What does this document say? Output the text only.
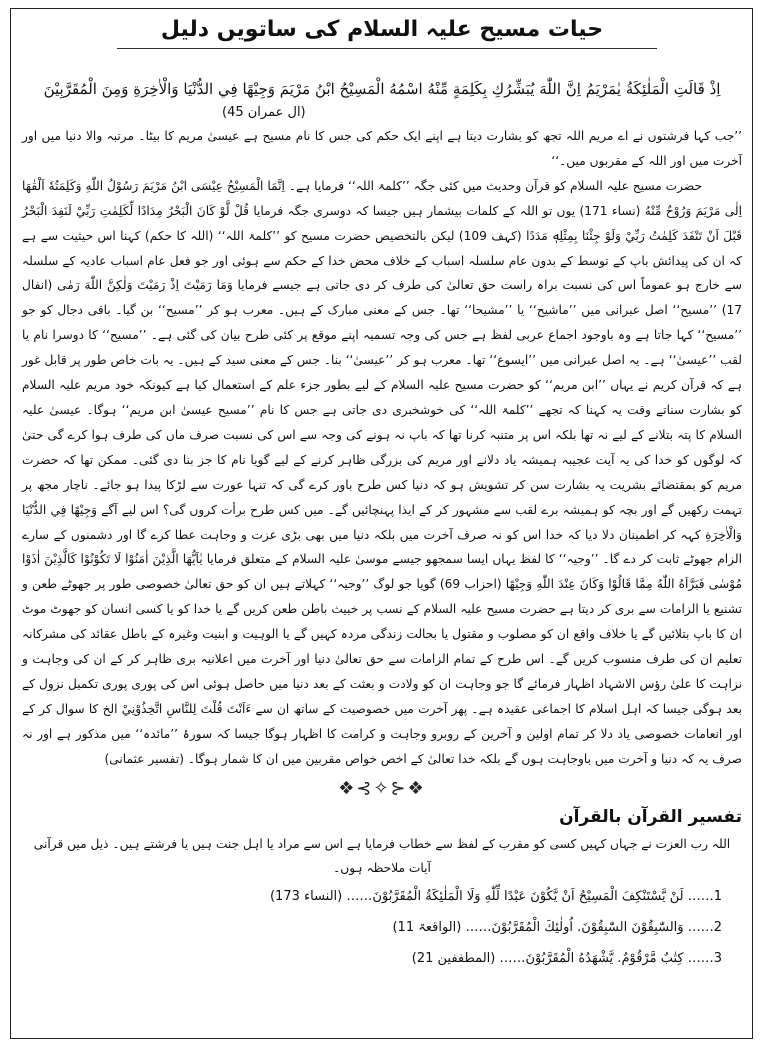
حیات مسیح علیہ السلام کی ساتویں دلیل

اِذْ قَالَتِ الْمَلٰئِكَةُ يٰمَرْيَمُ اِنَّ اللّٰهَ يُبَشِّرُكِ بِكَلِمَةٍ مِّنْهُ اسْمُهُ الْمَسِيْحُ ابْنُ مَرْيَمَ وَجِيْهًا فِي الدُّنْيَا وَالْاٰخِرَةِ وَمِنَ الْمُقَرَّبِيْنَ

(ال عمران 45)

’’جب کہا فرشتوں نے اے مریم اللہ تجھ کو بشارت دیتا ہے اپنے ایک حکم کی جس کا نام مسیح ہے عیسیٰ مریم کا بیٹا۔ مرتبہ والا دنیا میں اور آخرت میں اور اللہ کے مقربوں میں۔‘‘

حضرت مسیح علیہ السلام کو قرآن وحدیث میں کئی جگہ ’’کلمۃ اللہ‘‘ فرمایا ہے۔ اِنَّمَا الْمَسِيْحُ عِيْسَى ابْنُ مَرْيَمَ رَسُوْلُ اللّٰهِ وَكَلِمَتُهٗ اَلْقٰهَا اِلٰى مَرْيَمَ وَرُوْحٌ مِّنْهُ (نساء 171) یوں تو اللہ کے کلمات بیشمار ہیں جیسا کہ دوسری جگہ فرمایا قُلْ لَّوْ كَانَ الْبَحْرُ مِدَادًا لِّكَلِمٰتِ رَبِّيْ لَنَفِدَ الْبَحْرُ قَبْلَ اَنْ تَنْفَدَ كَلِمٰتُ رَبِّيْ وَلَوْ جِئْنَا بِمِثْلِهٖ مَدَدًا (کہف 109) لیکن بالتخصیص حضرت مسیح کو ’’کلمۃ اللہ‘‘ (اللہ کا حکم) کہنا اس حیثیت سے ہے کہ ان کی پیدائش باپ کے توسط کے بدون عام سلسلہ اسباب کے خلاف محض خدا کے حکم سے ہوئی اور جو فعل عام اسباب عادیہ کے سلسلہ سے خارج ہو عموماً اس کی نسبت براہ راست حق تعالیٰ کی طرف کر دی جاتی ہے جیسے فرمایا وَمَا رَمَيْتَ اِذْ رَمَيْتَ وَلٰكِنَّ اللّٰهَ رَمٰى (انفال 17) ’’مسیح‘‘ اصل عبرانی میں ’’ماشیح‘‘ یا ’’مشیحا‘‘ تھا۔ جس کے معنی مبارک کے ہیں۔ معرب ہو کر ’’مسیح‘‘ بن گیا۔ باقی دجال کو جو ’’مسیح‘‘ کہا جاتا ہے وہ باوجود اجماع عربی لفظ ہے جس کی وجہ تسمیہ اپنے موقع پر کئی طرح بیان کی گئی ہے۔ ’’مسیح‘‘ کا دوسرا نام یا لقب ’’عیسیٰ‘‘ ہے۔ یہ اصل عبرانی میں ’’ایسوع‘‘ تھا۔ معرب ہو کر ’’عیسیٰ‘‘ بنا۔ جس کے معنی سید کے ہیں۔ یہ بات خاص طور پر قابل غور ہے کہ قرآن کریم نے یہاں ’’ابن مریم‘‘ کو حضرت مسیح علیہ السلام کے لیے بطور جزء علم کے استعمال کیا ہے کیونکہ خود مریم علیہ السلام کو بشارت سناتے وقت یہ کہنا کہ تجھے ’’کلمۃ اللہ‘‘ کی خوشخبری دی جاتی ہے جس کا نام ’’مسیح عیسیٰ ابن مریم‘‘ ہوگا۔ عیسیٰ علیہ السلام کا پتہ بتلانے کے لیے نہ تھا بلکہ اس پر متنبہ کرنا تھا کہ باپ نہ ہونے کی وجہ سے اس کی نسبت صرف ماں کی طرف ہوا کرے گی حتیٰ کہ لوگوں کو خدا کی یہ آیت عجیبہ ہمیشہ یاد دلانے اور مریم کی بزرگی ظاہر کرنے کے لیے گویا نام کا جز بنا دی گئی۔ ممکن تھا کہ حضرت مریم کو بمقتضائے بشریت یہ بشارت سن کر تشویش ہو کہ دنیا کس طرح باور کرے گی کہ تنہا عورت سے لڑکا پیدا ہو جائے۔ ناچار مجھ پر تہمت رکھیں گے اور بچہ کو ہمیشہ برے لقب سے مشہور کر کے ایذا پہنچائیں گے۔ میں کس طرح برأت کروں گی؟ اس لیے آگے وَجِيْهًا فِي الدُّنْيَا وَالْاٰخِرَةِ کہہ کر اطمینان دلا دیا کہ خدا اس کو نہ صرف آخرت میں بلکہ دنیا میں بھی بڑی عزت و وجاہت عطا کرے گا اور دشمنوں کے سارے الزام جھوٹے ثابت کر دے گا۔ ’’وجیہ‘‘ کا لفظ یہاں ایسا سمجھو جیسے موسیٰ علیہ السلام کے متعلق فرمایا يٰاَيُّهَا الَّذِيْنَ اٰمَنُوْا لَا تَكُوْنُوْا كَالَّذِيْنَ اٰذَوْا مُوْسٰى فَبَرَّاَهُ اللّٰهُ مِمَّا قَالُوْا وَكَانَ عِنْدَ اللّٰهِ وَجِيْهًا (احزاب 69) گویا جو لوگ ’’وجیہ‘‘ کہلاتے ہیں ان کو حق تعالیٰ خصوصی طور پر جھوٹے طعن و تشنیع یا الزامات سے بری کر دیتا ہے حضرت مسیح علیہ السلام کے نسب پر خبیث باطن طعن کریں گے یا خدا کو یا کسی انسان کو جھوٹ موٹ ان کا باپ بتلائیں گے یا خلاف واقع ان کو مصلوب و مقتول یا بحالت زندگی مردہ کہیں گے یا الوہیت و ابنیت وغیرہ کے باطل عقائد کی مشرکانہ تعلیم ان کی طرف منسوب کریں گے۔ اس طرح کے تمام الزامات سے حق تعالیٰ دنیا اور آخرت میں اعلانیہ بری ظاہر کر کے ان کی وجاہت و نزاہت کا علیٰ رؤس الاشہاد اظہار فرمائے گا جو وجاہت ان کو ولادت و بعثت کے بعد دنیا میں حاصل ہوئی اس کی پوری پوری تکمیل نزول کے بعد ہوگی جیسا کہ اہل اسلام کا اجماعی عقیدہ ہے۔ پھر آخرت میں خصوصیت کے ساتھ ان سے ءَاَنْتَ قُلْتَ لِلنَّاسِ اتَّخِذُوْنِيْ الخ کا سوال کر کے اور انعامات خصوصی یاد دلا کر تمام اولین و آخرین کے روبرو وجاہت و کرامت کا اظہار ہوگا جیسا کہ سورۂ ’’مائدہ‘‘ میں مذکور ہے اور نہ صرف یہ کہ دنیا و آخرت میں باوجاہت ہوں گے بلکہ خدا تعالیٰ کے اخص خواص مقربین میں ان کا شمار ہوگا۔ (تفسیر عثمانی)

❖⊰✧⊱❖

تفسیر القرآن بالقرآن

اللہ رب العزت نے جہاں کہیں کسی کو مقرب کے لفظ سے خطاب فرمایا ہے اس سے مراد یا اہل جنت ہیں یا فرشتے ہیں۔ ذیل میں قرآنی آیات ملاحظہ ہوں۔

1…… لَنْ يَّسْتَنْكِفَ الْمَسِيْحُ اَنْ يَّكُوْنَ عَبْدًا لِّلّٰهِ وَلَا الْمَلٰئِكَةُ الْمُقَرَّبُوْنَ…… (النساء 173)

2…… وَالسّٰبِقُوْنَ السّٰبِقُوْنَ. اُولٰئِكَ الْمُقَرَّبُوْنَ…… (الواقعۃ 11)

3…… كِتٰبٌ مَّرْقُوْمٌ. يَّشْهَدُهُ الْمُقَرَّبُوْنَ…… (المطففین 21)
